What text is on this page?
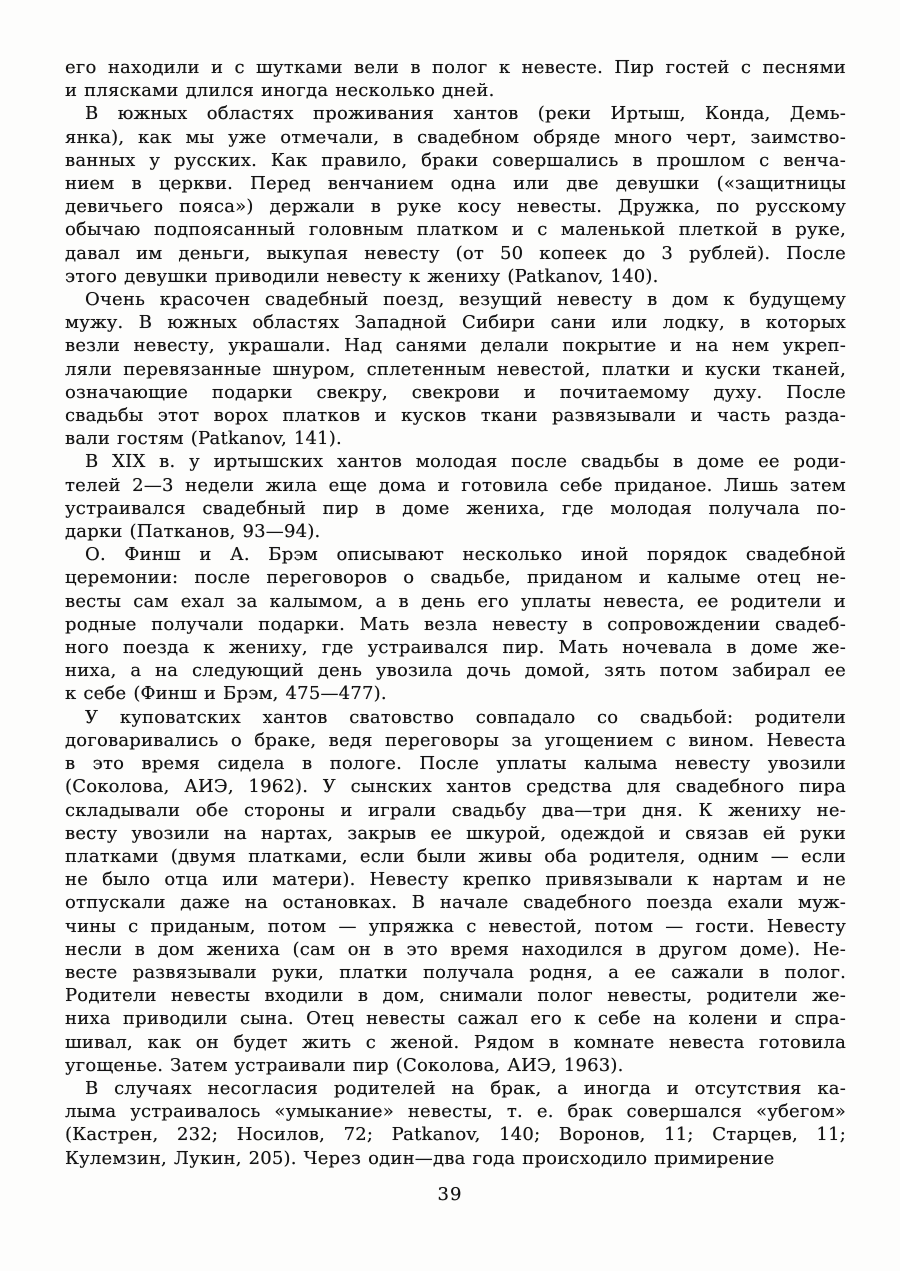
его находили и с шутками вели в полог к невесте. Пир гостей с песнями
и плясками длился иногда несколько дней.

В южных областях проживания хантов (реки Иртыш, Конда, Демь-
янка), как мы уже отмечали, в свадебном обряде много черт, заимство-
ванных у русских. Как правило, браки совершались в прошлом с венча-
нием в церкви. Перед венчанием одна или две девушки («защитницы
девичьего пояса») держали в руке косу невесты. Дружка, по русскому
обычаю подпоясанный головным платком и с маленькой плеткой в руке,
давал им деньги, выкупая невесту (от 50 копеек до 3 рублей). После
этого девушки приводили невесту к жениху (Patkanov, 140).

Очень красочен свадебный поезд, везущий невесту в дом к будущему
мужу. В южных областях Западной Сибири сани или лодку, в которых
везли невесту, украшали. Над санями делали покрытие и на нем укреп-
ляли перевязанные шнуром, сплетенным невестой, платки и куски тканей,
означающие подарки свекру, свекрови и почитаемому духу. После
свадьбы этот ворох платков и кусков ткани развязывали и часть разда-
вали гостям (Patkanov, 141).

В XIX в. у иртышских хантов молодая после свадьбы в доме ее роди-
телей 2—3 недели жила еще дома и готовила себе приданое. Лишь затем
устраивался свадебный пир в доме жениха, где молодая получала по-
дарки (Патканов, 93—94).

О. Финш и А. Брэм описывают несколько иной порядок свадебной
церемонии: после переговоров о свадьбе, приданом и калыме отец не-
весты сам ехал за калымом, а в день его уплаты невеста, ее родители и
родные получали подарки. Мать везла невесту в сопровождении свадеб-
ного поезда к жениху, где устраивался пир. Мать ночевала в доме же-
ниха, а на следующий день увозила дочь домой, зять потом забирал ее
к себе (Финш и Брэм, 475—477).

У куповатских хантов сватовство совпадало со свадьбой: родители
договаривались о браке, ведя переговоры за угощением с вином. Невеста
в это время сидела в пологе. После уплаты калыма невесту увозили
(Соколова, АИЭ, 1962). У сынских хантов средства для свадебного пира
складывали обе стороны и играли свадьбу два—три дня. К жениху не-
весту увозили на нартах, закрыв ее шкурой, одеждой и связав ей руки
платками (двумя платками, если были живы оба родителя, одним — если
не было отца или матери). Невесту крепко привязывали к нартам и не
отпускали даже на остановках. В начале свадебного поезда ехали муж-
чины с приданым, потом — упряжка с невестой, потом — гости. Невесту
несли в дом жениха (сам он в это время находился в другом доме). Не-
весте развязывали руки, платки получала родня, а ее сажали в полог.
Родители невесты входили в дом, снимали полог невесты, родители же-
ниха приводили сына. Отец невесты сажал его к себе на колени и спра-
шивал, как он будет жить с женой. Рядом в комнате невеста готовила
угощенье. Затем устраивали пир (Соколова, АИЭ, 1963).

В случаях несогласия родителей на брак, а иногда и отсутствия ка-
лыма устраивалось «умыкание» невесты, т. е. брак совершался «убегом»
(Кастрен, 232; Носилов, 72; Patkanov, 140; Воронов, 11; Старцев, 11;
Кулемзин, Лукин, 205). Через один—два года происходило примирение

39
